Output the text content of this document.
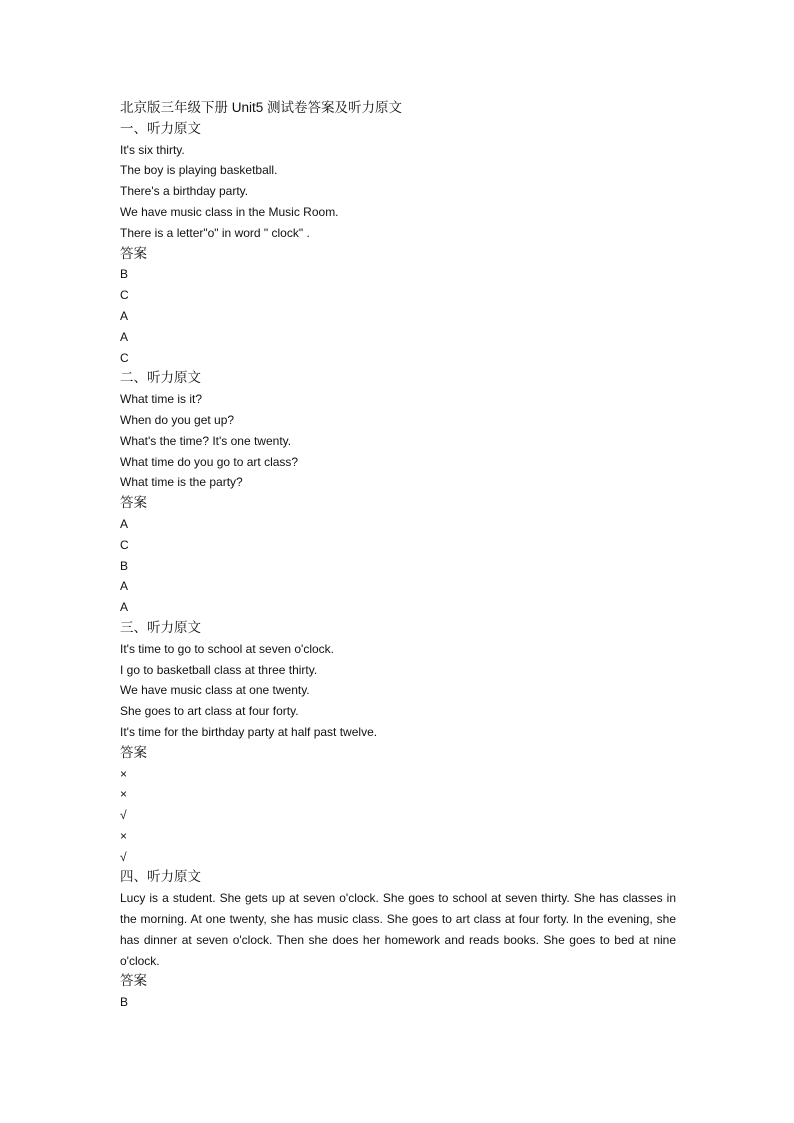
北京版三年级下册 Unit5 测试卷答案及听力原文
一、听力原文
It's six thirty.
The boy is playing basketball.
There's a birthday party.
We have music class in the Music Room.
There is a letter"o" in word " clock" .
答案
B
C
A
A
C
二、听力原文
What time is it?
When do you get up?
What's the time? It's one twenty.
What time do you go to art class?
What time is the party?
答案
A
C
B
A
A
三、听力原文
It's time to go to school at seven o'clock.
I go to basketball class at three thirty.
We have music class at one twenty.
She goes to art class at four forty.
It's time for the birthday party at half past twelve.
答案
×
×
√
×
√
四、听力原文
Lucy is a student. She gets up at seven o'clock. She goes to school at seven thirty. She has classes in the morning. At one twenty, she has music class. She goes to art class at four forty. In the evening, she has dinner at seven o'clock. Then she does her homework and reads books. She goes to bed at nine o'clock.
答案
B
